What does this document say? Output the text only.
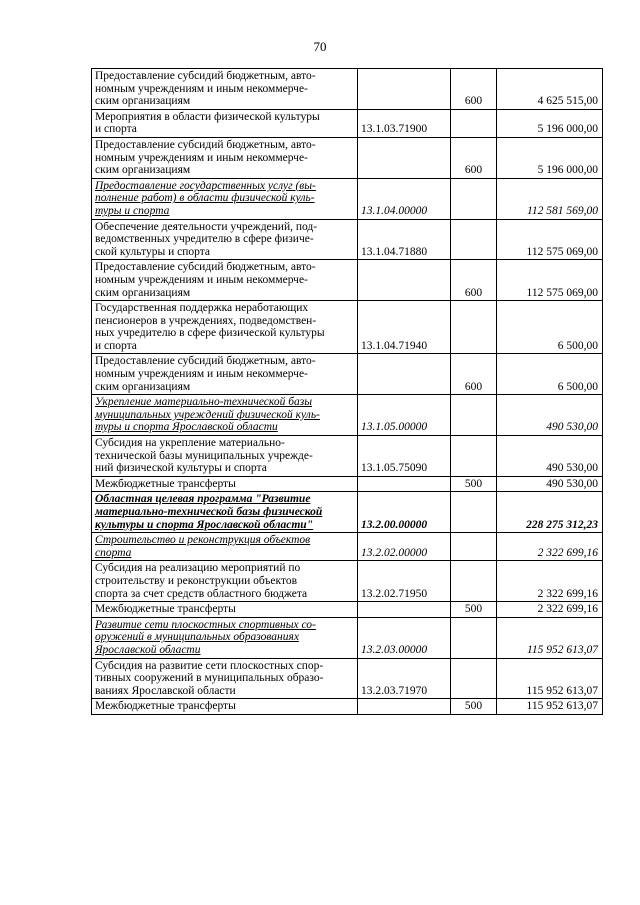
70
Предоставление субсидий бюджетным, авто-
номным учреждениям и иным некоммерче-
ским организациям		600	4 625 515,00
Мероприятия в области физической культуры
и спорта	13.1.03.71900		5 196 000,00
Предоставление субсидий бюджетным, авто-
номным учреждениям и иным некоммерче-
ским организациям		600	5 196 000,00
Предоставление государственных услуг (вы-
полнение работ) в области физической куль-
туры и спорта	13.1.04.00000		112 581 569,00
Обеспечение деятельности учреждений, под-
ведомственных учредителю в сфере физиче-
ской культуры и спорта	13.1.04.71880		112 575 069,00
Предоставление субсидий бюджетным, авто-
номным учреждениям и иным некоммерче-
ским организациям		600	112 575 069,00
Государственная поддержка неработающих
пенсионеров в учреждениях, подведомствен-
ных учредителю в сфере физической культуры
и спорта	13.1.04.71940		6 500,00
Предоставление субсидий бюджетным, авто-
номным учреждениям и иным некоммерче-
ским организациям		600	6 500,00
Укрепление материально-технической базы
муниципальных учреждений физической куль-
туры и спорта Ярославской области	13.1.05.00000		490 530,00
Субсидия на укрепление материально-
технической базы муниципальных учрежде-
ний физической культуры и спорта	13.1.05.75090		490 530,00
Межбюджетные трансферты		500	490 530,00
Областная целевая программа "Развитие
материально-технической базы физической
культуры и спорта Ярославской области"	13.2.00.00000		228 275 312,23
Строительство и реконструкция объектов
спорта	13.2.02.00000		2 322 699,16
Субсидия на реализацию мероприятий по
строительству и реконструкции объектов
спорта за счет средств областного бюджета	13.2.02.71950		2 322 699,16
Межбюджетные трансферты		500	2 322 699,16
Развитие сети плоскостных спортивных со-
оружений в муниципальных образованиях
Ярославской области	13.2.03.00000		115 952 613,07
Субсидия на развитие сети плоскостных спор-
тивных сооружений в муниципальных образо-
ваниях Ярославской области	13.2.03.71970		115 952 613,07
Межбюджетные трансферты		500	115 952 613,07
